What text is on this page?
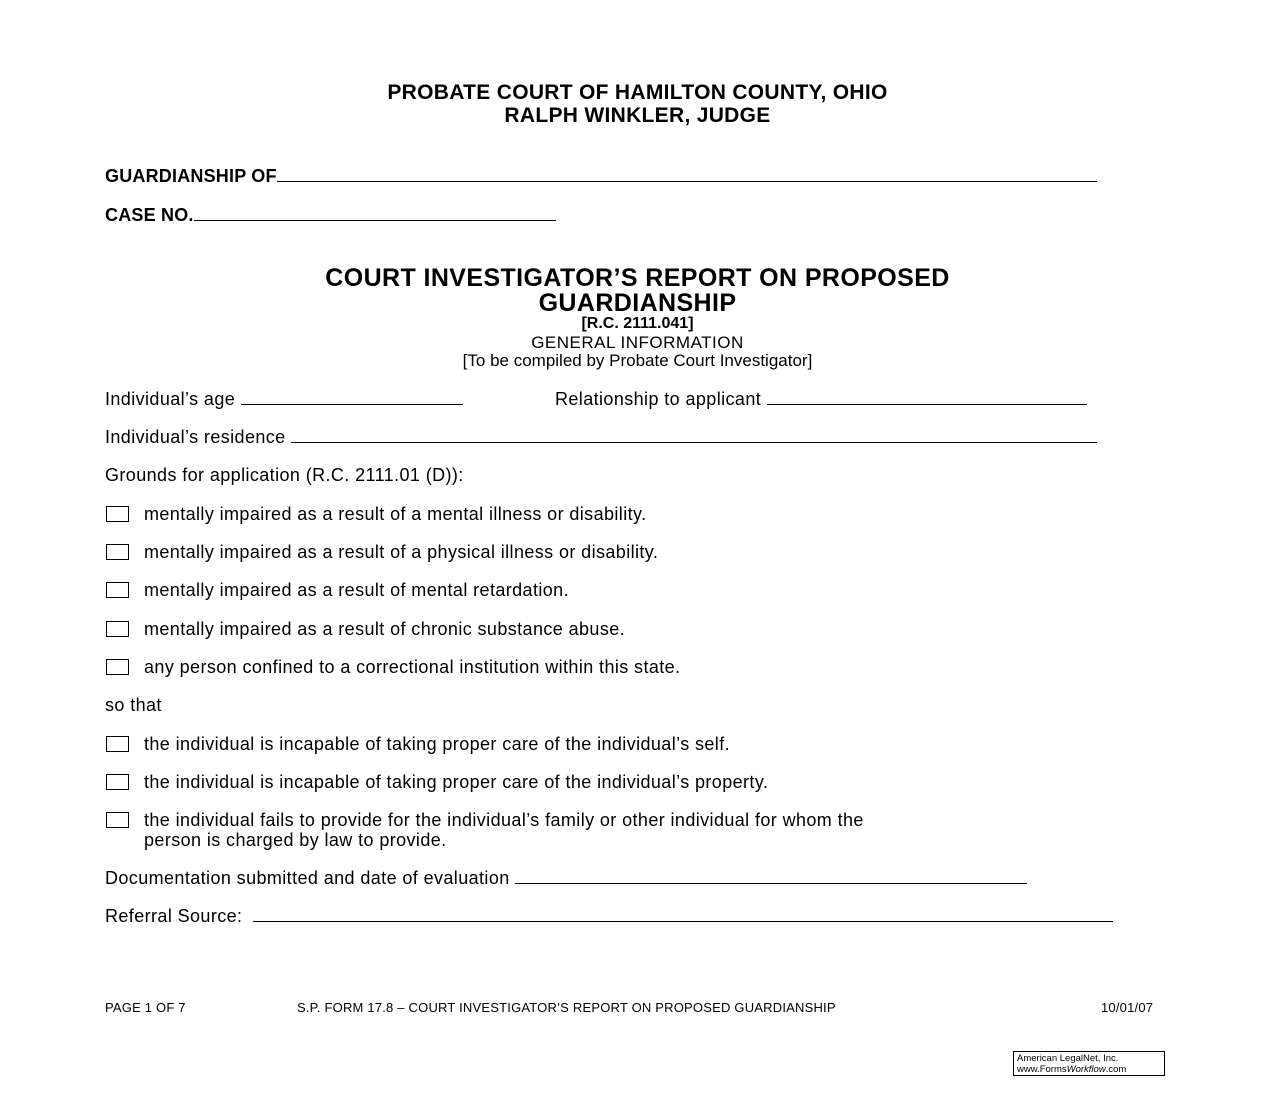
PROBATE COURT OF HAMILTON COUNTY, OHIO
RALPH WINKLER, JUDGE
GUARDIANSHIP OF
CASE NO.
COURT INVESTIGATOR’S REPORT ON PROPOSED
GUARDIANSHIP
[R.C. 2111.041]
GENERAL INFORMATION
[To be compiled by Probate Court Investigator]
Individual’s age	Relationship to applicant
Individual’s residence
Grounds for application (R.C. 2111.01 (D)):
mentally impaired as a result of a mental illness or disability.
mentally impaired as a result of a physical illness or disability.
mentally impaired as a result of mental retardation.
mentally impaired as a result of chronic substance abuse.
any person confined to a correctional institution within this state.
so that
the individual is incapable of taking proper care of the individual’s self.
the individual is incapable of taking proper care of the individual’s property.
the individual fails to provide for the individual’s family or other individual for whom the
person is charged by law to provide.
Documentation submitted and date of evaluation
Referral Source:
PAGE 1 OF 7	S.P. FORM 17.8 – COURT INVESTIGATOR’S REPORT ON PROPOSED GUARDIANSHIP	10/01/07
American LegalNet, Inc.
www.FormsWorkflow.com
